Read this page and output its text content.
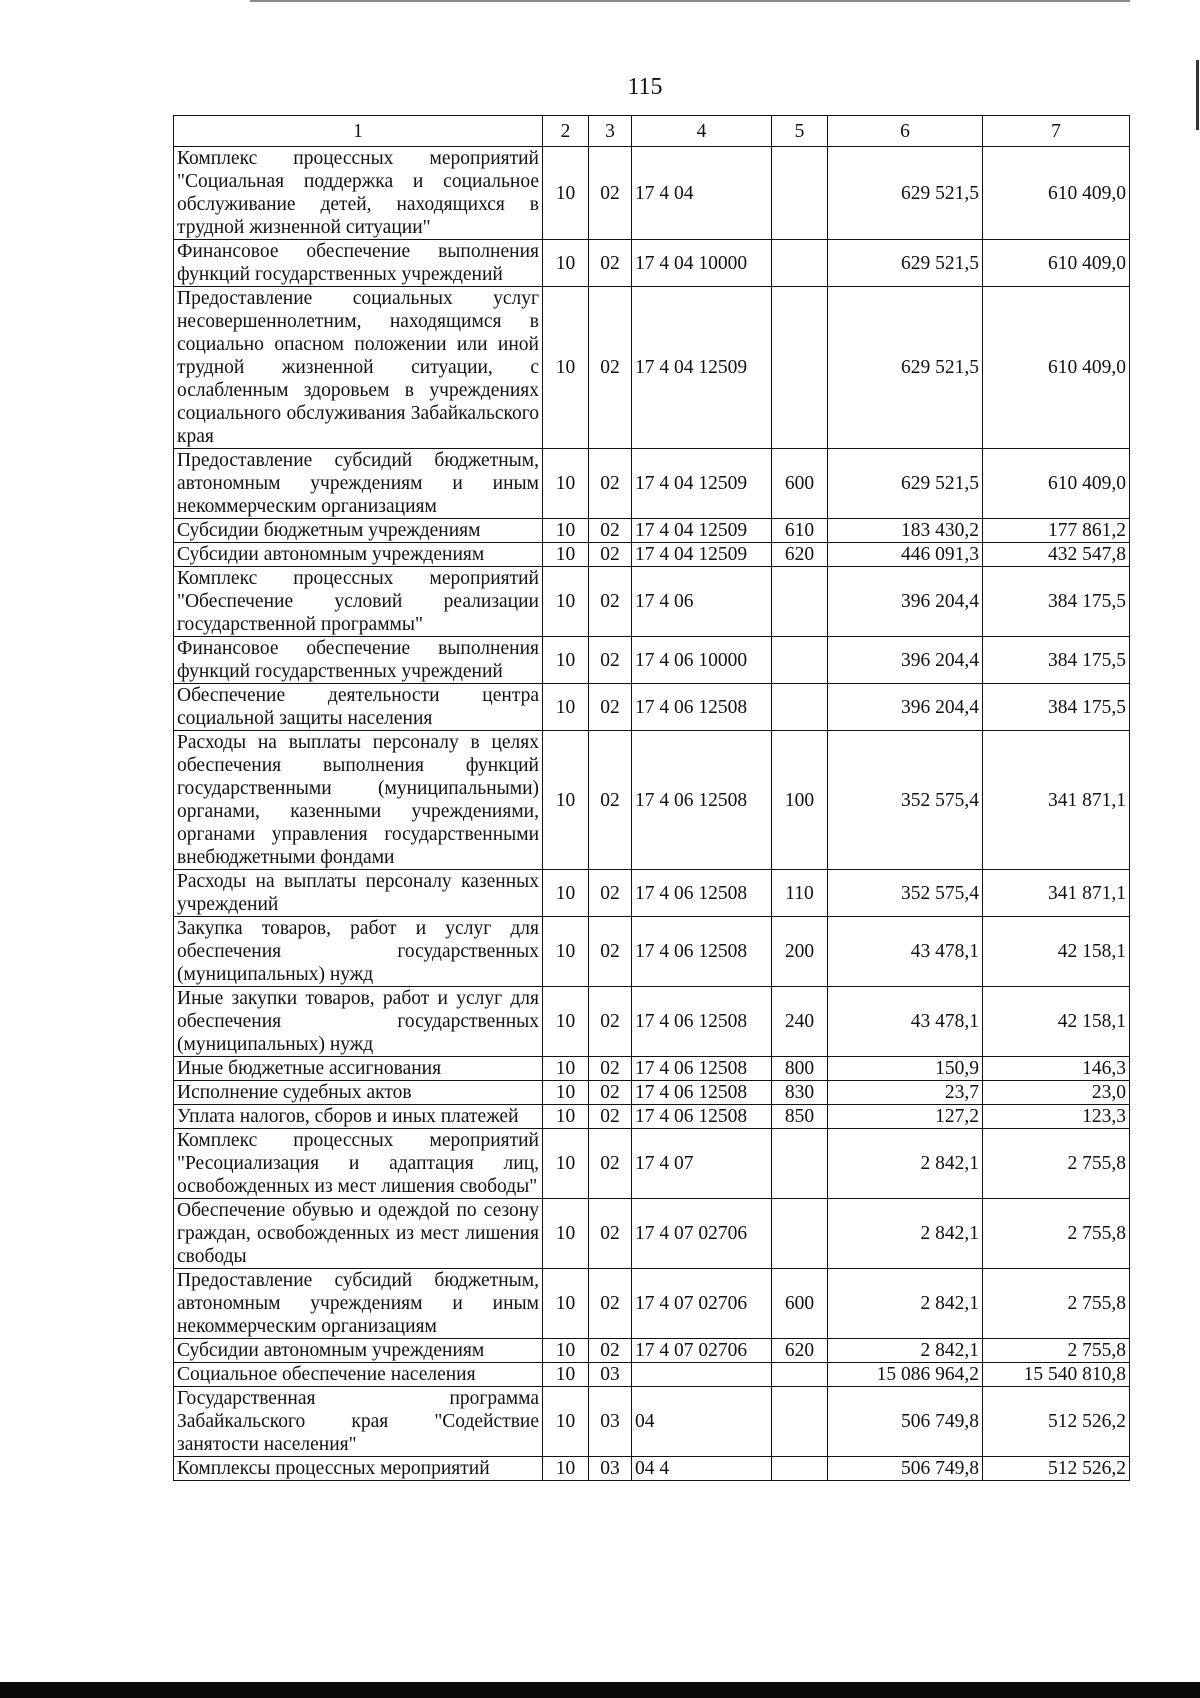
115
1	2	3	4	5	6	7
Комплекс процессных мероприятий "Социальная поддержка и социальное обслуживание детей, находящихся в трудной жизненной ситуации"	10	02	17 4 04		629 521,5	610 409,0
Финансовое обеспечение выполнения функций государственных учреждений	10	02	17 4 04 10000		629 521,5	610 409,0
Предоставление социальных услуг несовершеннолетним, находящимся в социально опасном положении или иной трудной жизненной ситуации, с ослабленным здоровьем в учреждениях социального обслуживания Забайкальского края	10	02	17 4 04 12509		629 521,5	610 409,0
Предоставление субсидий бюджетным, автономным учреждениям и иным некоммерческим организациям	10	02	17 4 04 12509	600	629 521,5	610 409,0
Субсидии бюджетным учреждениям	10	02	17 4 04 12509	610	183 430,2	177 861,2
Субсидии автономным учреждениям	10	02	17 4 04 12509	620	446 091,3	432 547,8
Комплекс процессных мероприятий "Обеспечение условий реализации государственной программы"	10	02	17 4 06		396 204,4	384 175,5
Финансовое обеспечение выполнения функций государственных учреждений	10	02	17 4 06 10000		396 204,4	384 175,5
Обеспечение деятельности центра социальной защиты населения	10	02	17 4 06 12508		396 204,4	384 175,5
Расходы на выплаты персоналу в целях обеспечения выполнения функций государственными (муниципальными) органами, казенными учреждениями, органами управления государственными внебюджетными фондами	10	02	17 4 06 12508	100	352 575,4	341 871,1
Расходы на выплаты персоналу казенных учреждений	10	02	17 4 06 12508	110	352 575,4	341 871,1
Закупка товаров, работ и услуг для обеспечения государственных (муниципальных) нужд	10	02	17 4 06 12508	200	43 478,1	42 158,1
Иные закупки товаров, работ и услуг для обеспечения государственных (муниципальных) нужд	10	02	17 4 06 12508	240	43 478,1	42 158,1
Иные бюджетные ассигнования	10	02	17 4 06 12508	800	150,9	146,3
Исполнение судебных актов	10	02	17 4 06 12508	830	23,7	23,0
Уплата налогов, сборов и иных платежей	10	02	17 4 06 12508	850	127,2	123,3
Комплекс процессных мероприятий "Ресоциализация и адаптация лиц, освобожденных из мест лишения свободы"	10	02	17 4 07		2 842,1	2 755,8
Обеспечение обувью и одеждой по сезону граждан, освобожденных из мест лишения свободы	10	02	17 4 07 02706		2 842,1	2 755,8
Предоставление субсидий бюджетным, автономным учреждениям и иным некоммерческим организациям	10	02	17 4 07 02706	600	2 842,1	2 755,8
Субсидии автономным учреждениям	10	02	17 4 07 02706	620	2 842,1	2 755,8
Социальное обеспечение населения	10	03			15 086 964,2	15 540 810,8
Государственная программа Забайкальского края "Содействие занятости населения"	10	03	04		506 749,8	512 526,2
Комплексы процессных мероприятий	10	03	04 4		506 749,8	512 526,2
